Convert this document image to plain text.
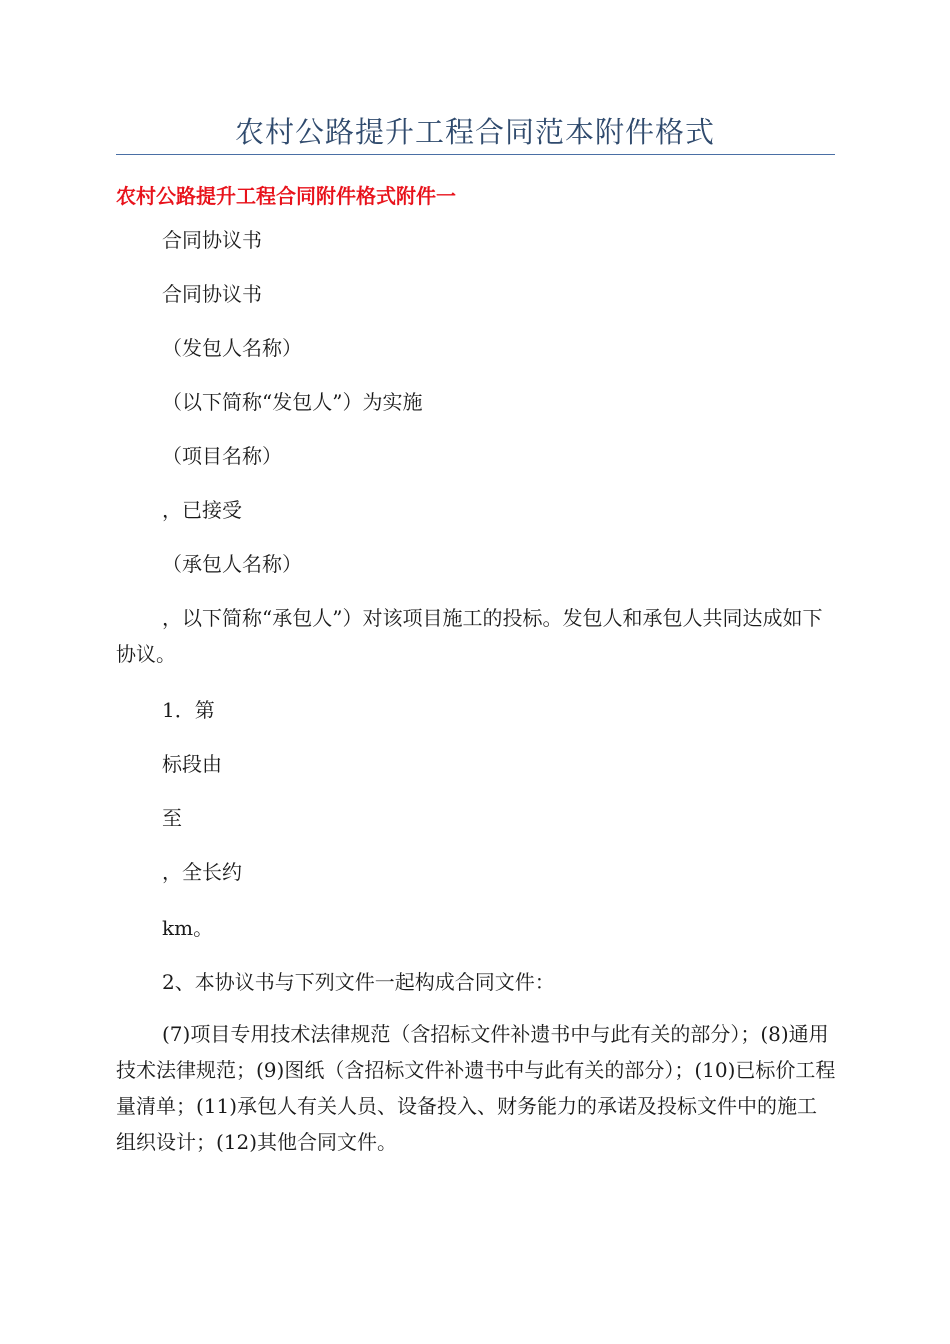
农村公路提升工程合同范本附件格式
农村公路提升工程合同附件格式附件一

合同协议书

合同协议书

（发包人名称）

（以下简称“发包人”）为实施

（项目名称）

，已接受

（承包人名称）

，以下简称“承包人”）对该项目施工的投标。发包人和承包人共同达成如下协议。

1．第

标段由

至

，全长约

km。

2、本协议书与下列文件一起构成合同文件：

(7)项目专用技术法律规范（含招标文件补遗书中与此有关的部分）；(8)通用技术法律规范；(9)图纸（含招标文件补遗书中与此有关的部分）；(10)已标价工程量清单；(11)承包人有关人员、设备投入、财务能力的承诺及投标文件中的施工组织设计；(12)其他合同文件。
